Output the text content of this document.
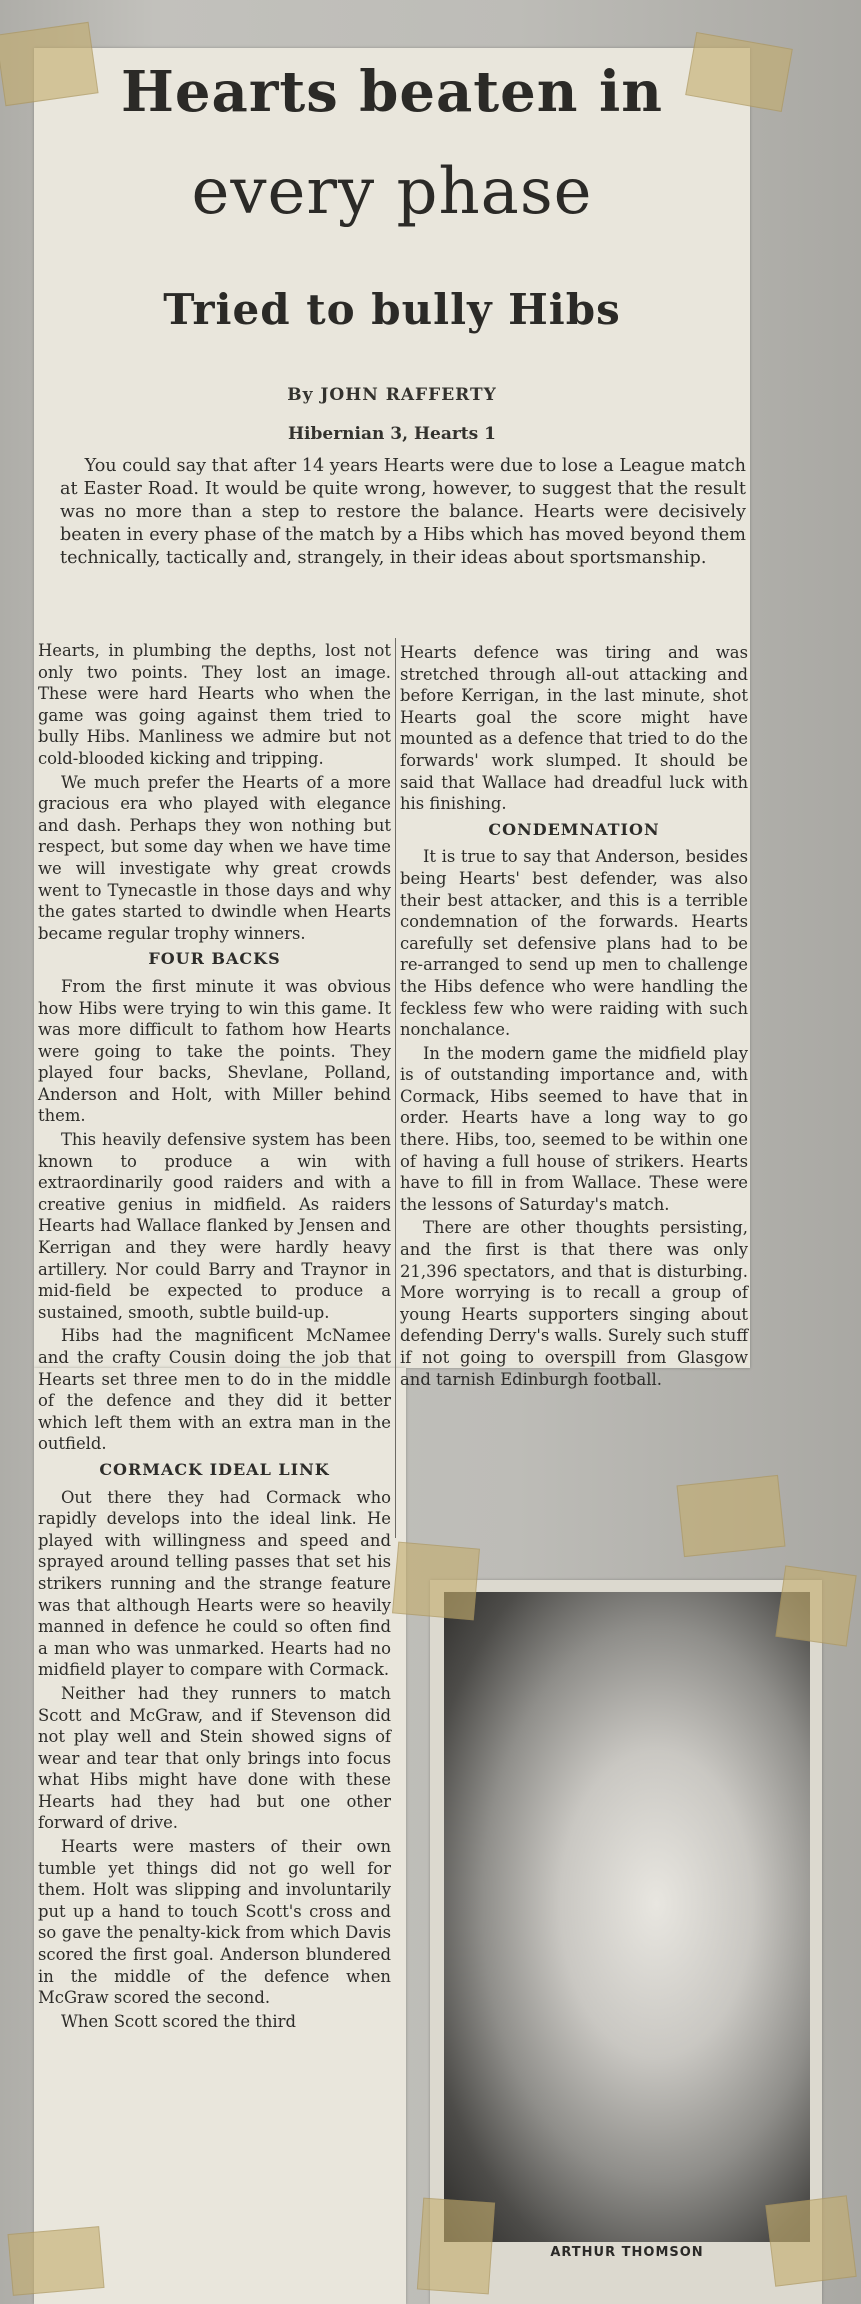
Hearts beaten in
every phase
Tried to bully Hibs
By JOHN RAFFERTY
Hibernian 3, Hearts 1

You could say that after 14 years Hearts were due to lose a League match at Easter Road. It would be quite wrong, however, to suggest that the result was no more than a step to restore the balance. Hearts were decisively beaten in every phase of the match by a Hibs which has moved beyond them technically, tactically and, strangely, in their ideas about sportsmanship.

Hearts, in plumbing the depths, lost not only two points. They lost an image. These were hard Hearts who when the game was going against them tried to bully Hibs. Manliness we admire but not cold-blooded kicking and tripping.

We much prefer the Hearts of a more gracious era who played with elegance and dash. Perhaps they won nothing but respect, but some day when we have time we will investigate why great crowds went to Tynecastle in those days and why the gates started to dwindle when Hearts became regular trophy winners.

FOUR BACKS

From the first minute it was obvious how Hibs were trying to win this game. It was more difficult to fathom how Hearts were going to take the points. They played four backs, Shevlane, Polland, Anderson and Holt, with Miller behind them.

This heavily defensive system has been known to produce a win with extraordinarily good raiders and with a creative genius in midfield. As raiders Hearts had Wallace flanked by Jensen and Kerrigan and they were hardly heavy artillery. Nor could Barry and Traynor in mid-field be expected to produce a sustained, smooth, subtle build-up.

Hibs had the magnificent McNamee and the crafty Cousin doing the job that Hearts set three men to do in the middle of the defence and they did it better which left them with an extra man in the outfield.

CORMACK IDEAL LINK

Out there they had Cormack who rapidly develops into the ideal link. He played with willingness and speed and sprayed around telling passes that set his strikers running and the strange feature was that although Hearts were so heavily manned in defence he could so often find a man who was unmarked. Hearts had no midfield player to compare with Cormack.

Neither had they runners to match Scott and McGraw, and if Stevenson did not play well and Stein showed signs of wear and tear that only brings into focus what Hibs might have done with these Hearts had they had but one other forward of drive.

Hearts were masters of their own tumble yet things did not go well for them. Holt was slipping and involuntarily put up a hand to touch Scott's cross and so gave the penalty-kick from which Davis scored the first goal. Anderson blundered in the middle of the defence when McGraw scored the second.

When Scott scored the third

Hearts defence was tiring and was stretched through all-out attacking and before Kerrigan, in the last minute, shot Hearts goal the score might have mounted as a defence that tried to do the forwards' work slumped. It should be said that Wallace had dreadful luck with his finishing.

CONDEMNATION

It is true to say that Anderson, besides being Hearts' best defender, was also their best attacker, and this is a terrible condemnation of the forwards. Hearts carefully set defensive plans had to be re-arranged to send up men to challenge the Hibs defence who were handling the feckless few who were raiding with such nonchalance.

In the modern game the midfield play is of outstanding importance and, with Cormack, Hibs seemed to have that in order. Hearts have a long way to go there. Hibs, too, seemed to be within one of having a full house of strikers. Hearts have to fill in from Wallace. These were the lessons of Saturday's match.

There are other thoughts persisting, and the first is that there was only 21,396 spectators, and that is disturbing. More worrying is to recall a group of young Hearts supporters singing about defending Derry's walls. Surely such stuff if not going to overspill from Glasgow and tarnish Edinburgh football.

ARTHUR THOMSON
